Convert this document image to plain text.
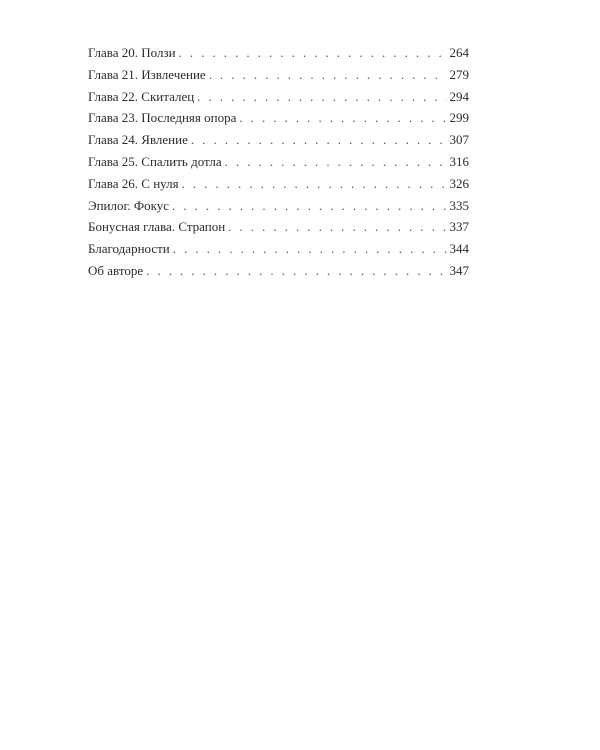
Глава 20. Ползи . . .	264
Глава 21. Извлечение . . .	279
Глава 22. Скиталец . . .	294
Глава 23. Последняя опора . . .	299
Глава 24. Явление . . .	307
Глава 25. Спалить дотла . . .	316
Глава 26. С нуля . . .	326
Эпилог. Фокус . . .	335
Бонусная глава. Страпон . . .	337
Благодарности . . .	344
Об авторе . . .	347
